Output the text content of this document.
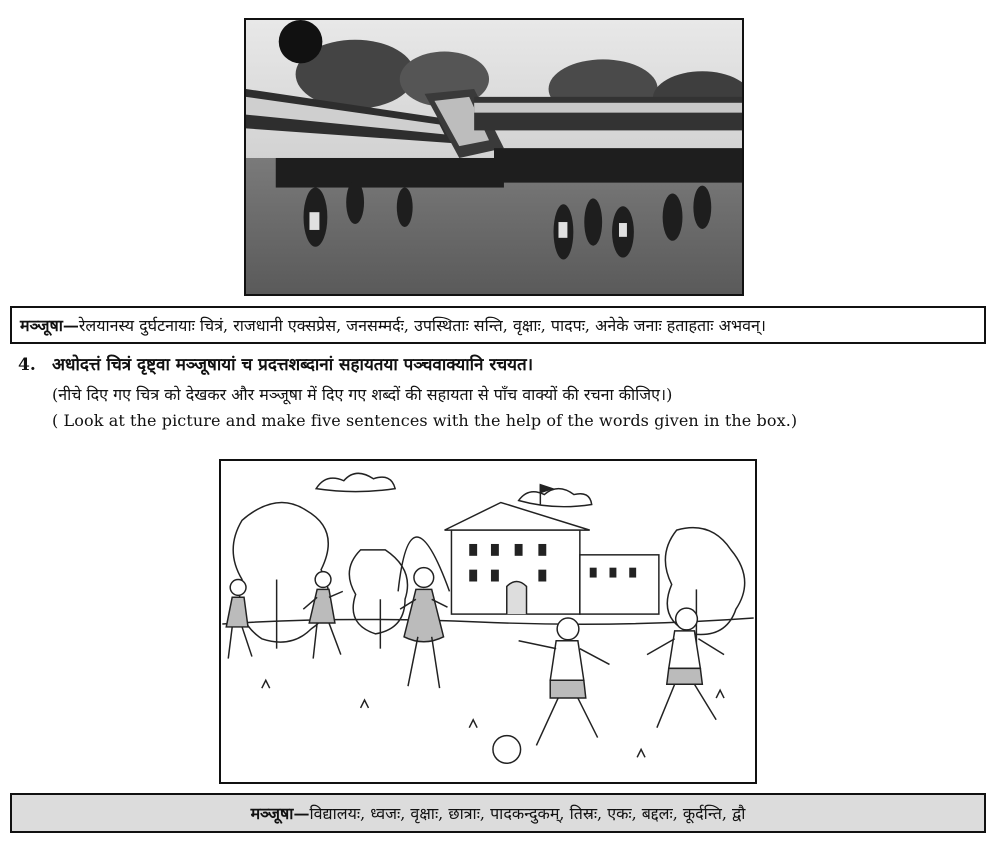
मञ्जूषा— रेलयानस्य दुर्घटनायाः चित्रं, राजधानी एक्सप्रेस, जनसम्मर्दः, उपस्थिताः सन्ति, वृक्षाः, पादपः, अनेके जनाः हताहताः अभवन्।
4. अधोदत्तं चित्रं दृष्ट्वा मञ्जूषायां च प्रदत्तशब्दानां सहायतया पञ्चवाक्यानि रचयत।
(नीचे दिए गए चित्र को देखकर और मञ्जूषा में दिए गए शब्दों की सहायता से पाँच वाक्यों की रचना कीजिए।)
( Look at the picture and make five sentences with the help of the words given in the box.)
मञ्जूषा— विद्यालयः, ध्वजः, वृक्षाः, छात्राः, पादकन्दुकम्, तिस्रः, एकः, बद्दलः, कूर्दन्ति, द्वौ
